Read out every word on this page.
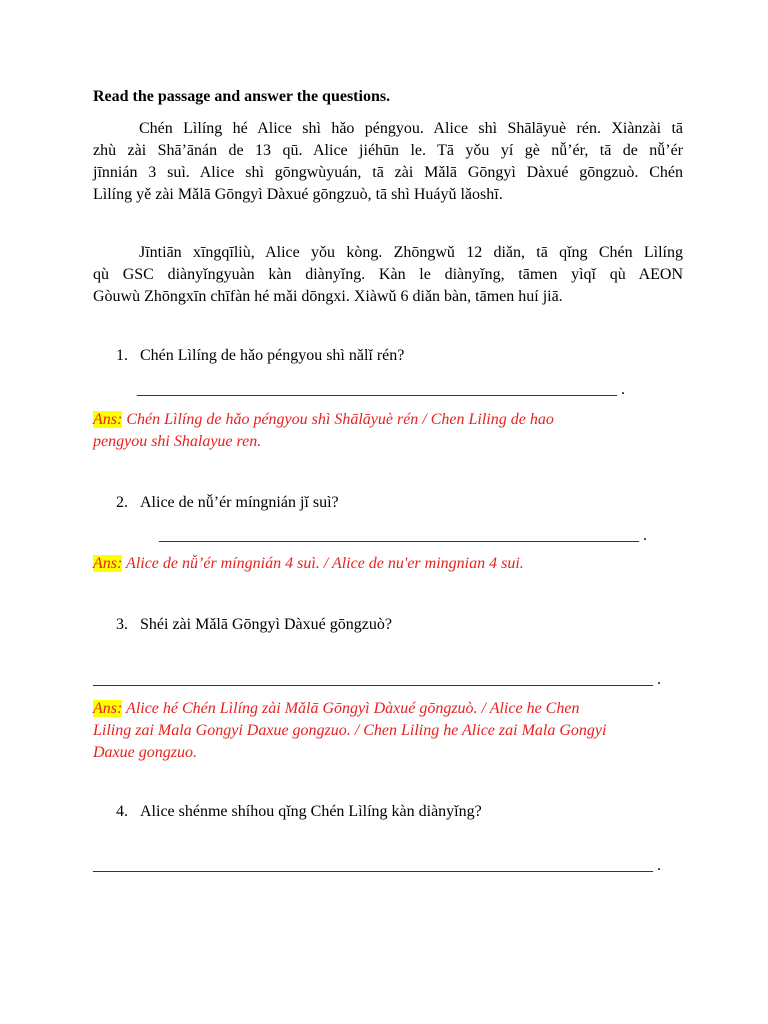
Read the passage and answer the questions.
Chén Lìlíng hé Alice shì hǎo péngyou. Alice shì Shālāyuè rén. Xiànzài tā
zhù zài Shā’ānán de 13 qū. Alice jiéhūn le. Tā yǒu yí gè nǚ’ér, tā de nǚ’ér
jīnnián 3 suì. Alice shì gōngwùyuán, tā zài Mǎlā Gōngyì Dàxué gōngzuò. Chén
Lìlíng yě zài Mǎlā Gōngyì Dàxué gōngzuò, tā shì Huáyǔ lǎoshī.
Jīntiān xīngqīliù, Alice yǒu kòng. Zhōngwǔ 12 diǎn, tā qǐng Chén Lìlíng
qù GSC diànyǐngyuàn kàn diànyǐng. Kàn le diànyǐng, tāmen yìqǐ qù AEON
Gòuwù Zhōngxīn chīfàn hé mǎi dōngxi. Xiàwǔ 6 diǎn bàn, tāmen huí jiā.
1. Chén Lìlíng de hǎo péngyou shì nǎlǐ rén?
____________________________________________________________ .
Ans: Chén Lìlíng de hǎo péngyou shì Shālāyuè rén / Chen Liling de hao
pengyou shi Shalayue ren.
2. Alice de nǚ’ér míngnián jǐ suì?
____________________________________________________________ .
Ans: Alice de nǚ’ér míngnián 4 suì. / Alice de nu'er mingnian 4 sui.
3. Shéi zài Mǎlā Gōngyì Dàxué gōngzuò?
______________________________________________________________________ .
Ans: Alice hé Chén Lìlíng zài Mǎlā Gōngyì Dàxué gōngzuò. / Alice he Chen
Liling zai Mala Gongyi Daxue gongzuo. / Chen Liling he Alice zai Mala Gongyi
Daxue gongzuo.
4. Alice shénme shíhou qǐng Chén Lìlíng kàn diànyǐng?
______________________________________________________________________ .
